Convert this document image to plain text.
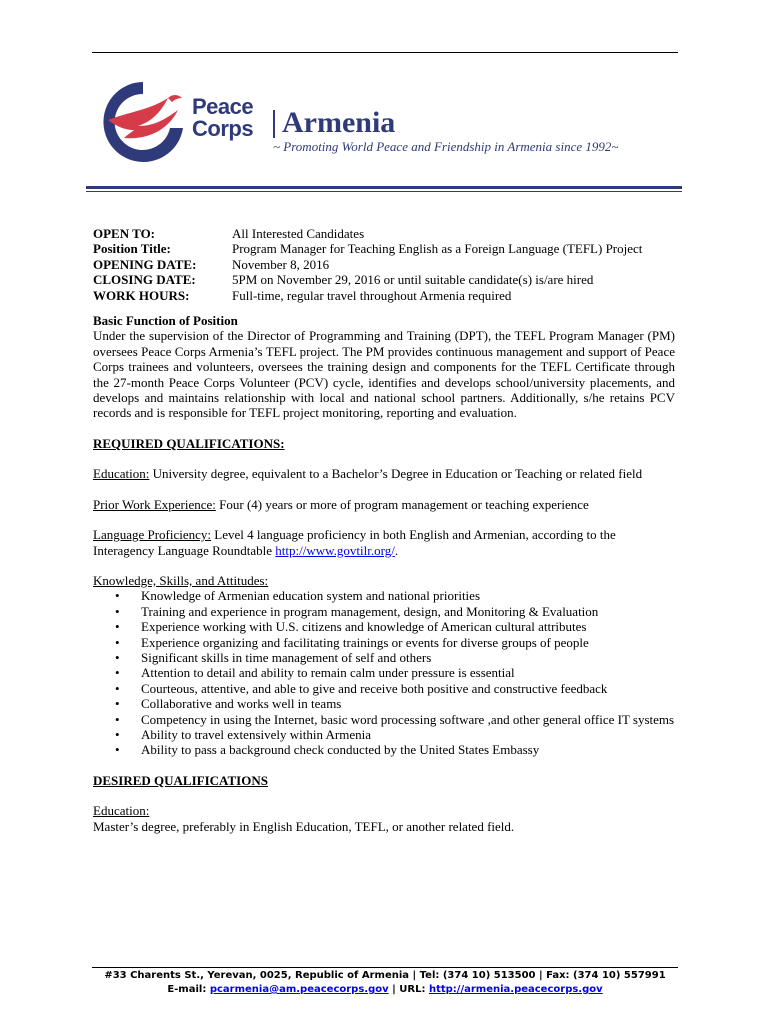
Peace
Corps Armenia
~ Promoting World Peace and Friendship in Armenia since 1992~
OPEN TO:	All Interested Candidates
Position Title:	Program Manager for Teaching English as a Foreign Language (TEFL) Project
OPENING DATE:	November 8, 2016
CLOSING DATE:	5PM on November 29, 2016 or until suitable candidate(s) is/are hired
WORK HOURS:	Full-time, regular travel throughout Armenia required

Basic Function of Position

Under the supervision of the Director of Programming and Training (DPT), the TEFL Program Manager (PM) oversees Peace Corps Armenia’s TEFL project. The PM provides continuous management and support of Peace Corps trainees and volunteers, oversees the training design and components for the TEFL Certificate through the 27-month Peace Corps Volunteer (PCV) cycle, identifies and develops school/university placements, and develops and maintains relationship with local and national school partners. Additionally, s/he retains PCV records and is responsible for TEFL project monitoring, reporting and evaluation.

REQUIRED QUALIFICATIONS:

Education: University degree, equivalent to a Bachelor’s Degree in Education or Teaching or related field

Prior Work Experience: Four (4) years or more of program management or teaching experience

Language Proficiency: Level 4 language proficiency in both English and Armenian, according to the Interagency Language Roundtable http://www.govtilr.org/.

Knowledge, Skills, and Attitudes:

• Knowledge of Armenian education system and national priorities
• Training and experience in program management, design, and Monitoring & Evaluation
• Experience working with U.S. citizens and knowledge of American cultural attributes
• Experience organizing and facilitating trainings or events for diverse groups of people
• Significant skills in time management of self and others
• Attention to detail and ability to remain calm under pressure is essential
• Courteous, attentive, and able to give and receive both positive and constructive feedback
• Collaborative and works well in teams
• Competency in using the Internet, basic word processing software ,and other general office IT systems
• Ability to travel extensively within Armenia
• Ability to pass a background check conducted by the United States Embassy

DESIRED QUALIFICATIONS

Education:

Master’s degree, preferably in English Education, TEFL, or another related field.

#33 Charents St., Yerevan, 0025, Republic of Armenia | Tel: (374 10) 513500 | Fax: (374 10) 557991
E-mail: pcarmenia@am.peacecorps.gov | URL: http://armenia.peacecorps.gov
